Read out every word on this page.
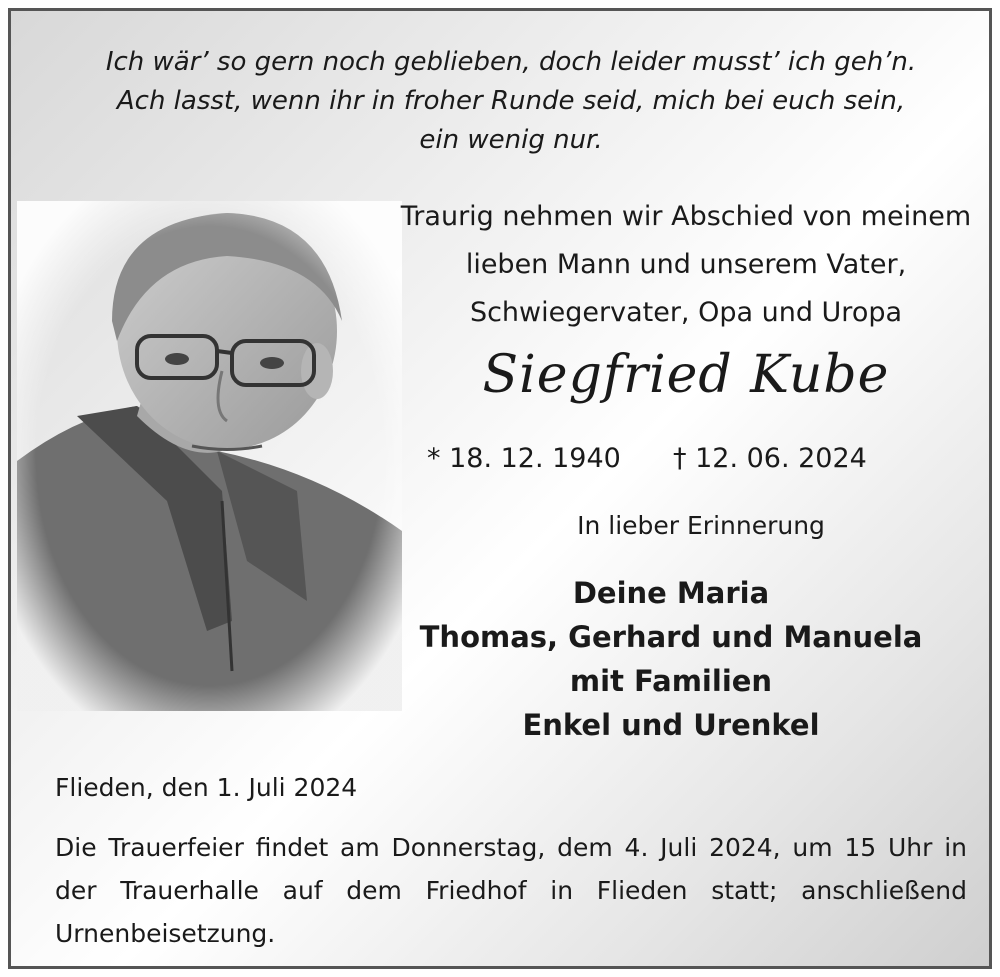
Ich wär’ so gern noch geblieben, doch leider musst’ ich geh’n.
Ach lasst, wenn ihr in froher Runde seid, mich bei euch sein,
ein wenig nur.
Traurig nehmen wir Abschied von meinem
lieben Mann und unserem Vater,
Schwiegervater, Opa und Uropa
Siegfried Kube
* 18. 12. 1940 † 12. 06. 2024
In lieber Erinnerung
Deine Maria
Thomas, Gerhard und Manuela
mit Familien
Enkel und Urenkel
Flieden, den 1. Juli 2024
Die Trauerfeier findet am Donnerstag, dem 4. Juli 2024, um 15 Uhr in der Trauerhalle auf dem Friedhof in Flieden statt; anschließend Urnenbeisetzung.
